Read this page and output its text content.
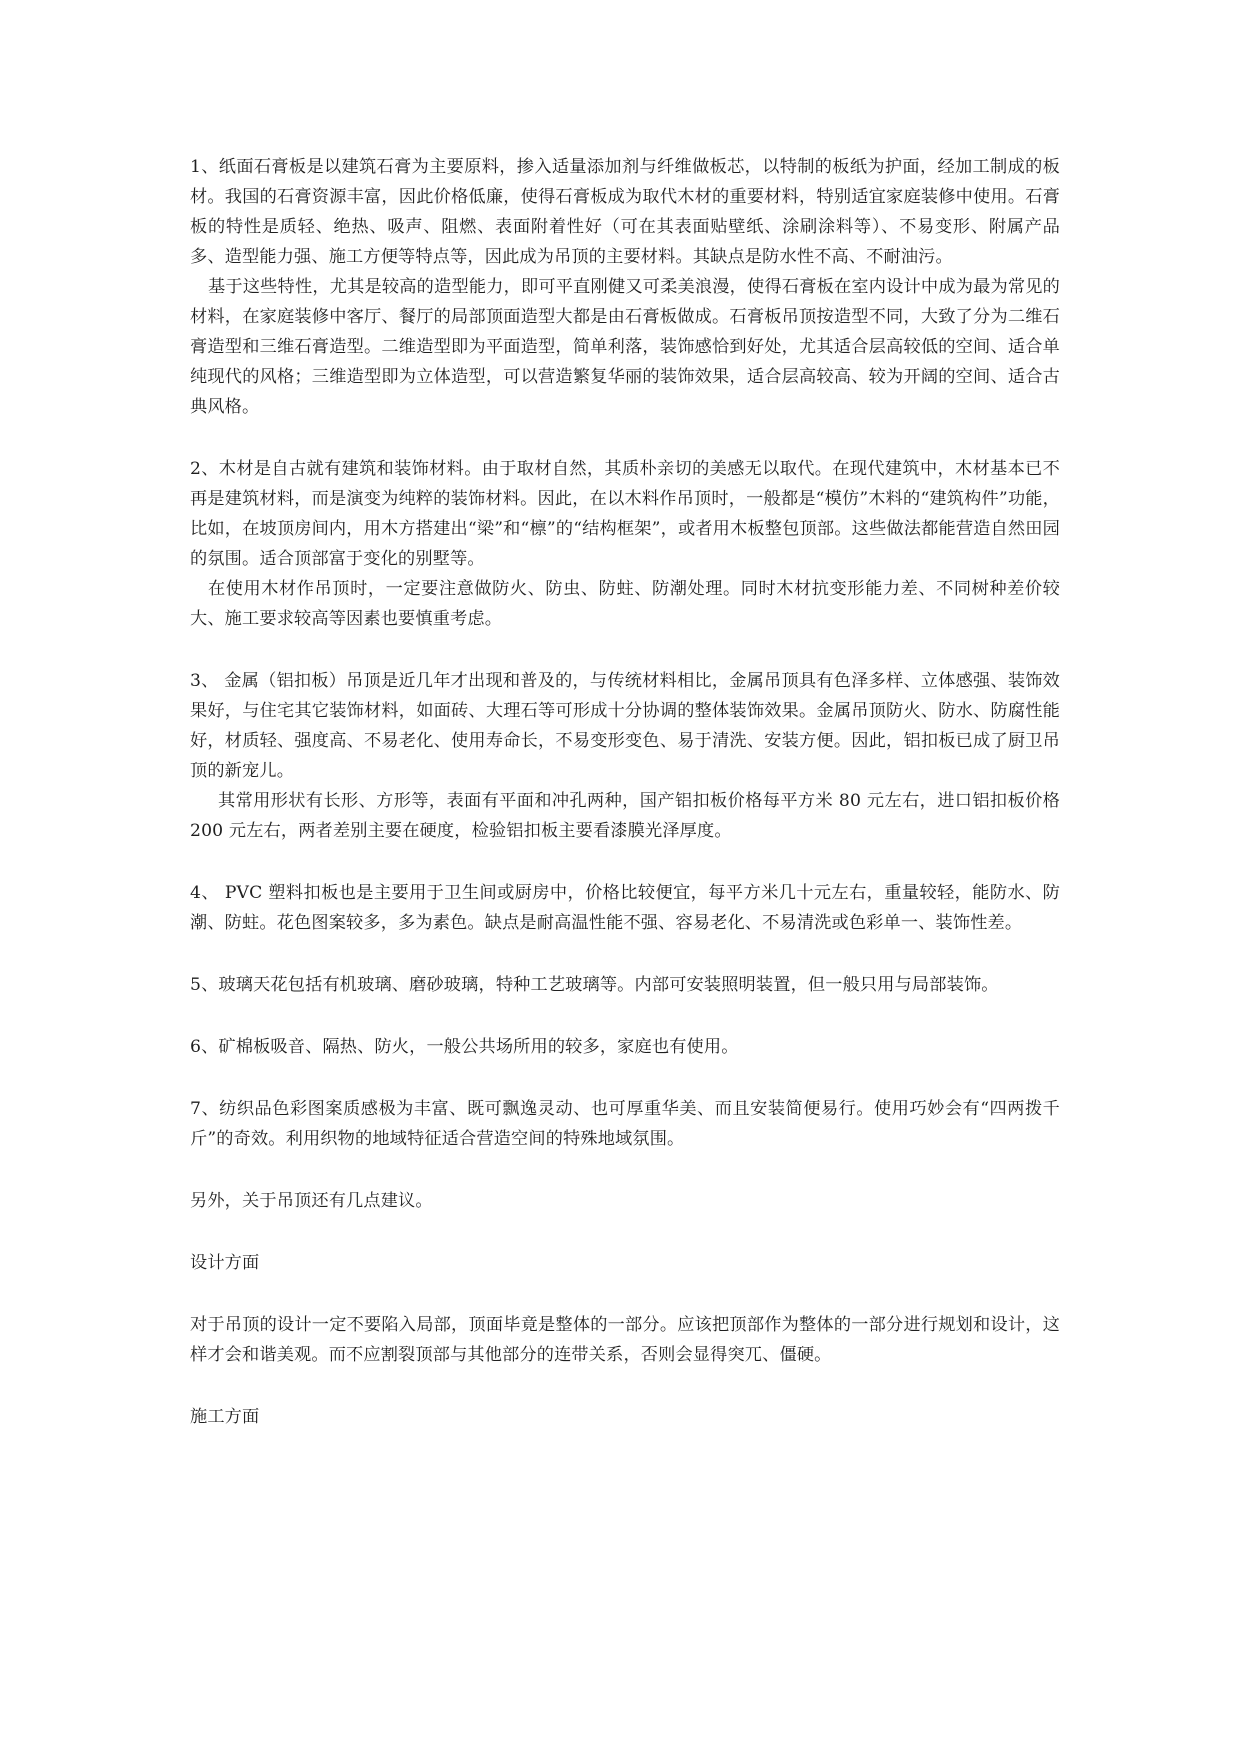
1、纸面石膏板是以建筑石膏为主要原料，掺入适量添加剂与纤维做板芯，以特制的板纸为护面，经加工制成的板材。我国的石膏资源丰富，因此价格低廉，使得石膏板成为取代木材的重要材料，特别适宜家庭装修中使用。石膏板的特性是质轻、绝热、吸声、阻燃、表面附着性好（可在其表面贴壁纸、涂刷涂料等）、不易变形、附属产品多、造型能力强、施工方便等特点等，因此成为吊顶的主要材料。其缺点是防水性不高、不耐油污。

基于这些特性，尤其是较高的造型能力，即可平直刚健又可柔美浪漫，使得石膏板在室内设计中成为最为常见的材料，在家庭装修中客厅、餐厅的局部顶面造型大都是由石膏板做成。石膏板吊顶按造型不同，大致了分为二维石膏造型和三维石膏造型。二维造型即为平面造型，简单利落，装饰感恰到好处，尤其适合层高较低的空间、适合单纯现代的风格；三维造型即为立体造型，可以营造繁复华丽的装饰效果，适合层高较高、较为开阔的空间、适合古典风格。

2、木材是自古就有建筑和装饰材料。由于取材自然，其质朴亲切的美感无以取代。在现代建筑中，木材基本已不再是建筑材料，而是演变为纯粹的装饰材料。因此，在以木料作吊顶时，一般都是“模仿”木料的“建筑构件”功能，比如，在坡顶房间内，用木方搭建出“梁”和“檩”的“结构框架”，或者用木板整包顶部。这些做法都能营造自然田园的氛围。适合顶部富于变化的别墅等。

在使用木材作吊顶时，一定要注意做防火、防虫、防蛀、防潮处理。同时木材抗变形能力差、不同树种差价较大、施工要求较高等因素也要慎重考虑。

3、 金属（铝扣板）吊顶是近几年才出现和普及的，与传统材料相比，金属吊顶具有色泽多样、立体感强、装饰效果好，与住宅其它装饰材料，如面砖、大理石等可形成十分协调的整体装饰效果。金属吊顶防火、防水、防腐性能好，材质轻、强度高、不易老化、使用寿命长，不易变形变色、易于清洗、安装方便。因此，铝扣板已成了厨卫吊顶的新宠儿。

其常用形状有长形、方形等，表面有平面和冲孔两种，国产铝扣板价格每平方米 80 元左右，进口铝扣板价格 200 元左右，两者差别主要在硬度，检验铝扣板主要看漆膜光泽厚度。

4、 PVC 塑料扣板也是主要用于卫生间或厨房中，价格比较便宜，每平方米几十元左右，重量较轻，能防水、防潮、防蛀。花色图案较多，多为素色。缺点是耐高温性能不强、容易老化、不易清洗或色彩单一、装饰性差。

5、玻璃天花包括有机玻璃、磨砂玻璃，特种工艺玻璃等。内部可安装照明装置，但一般只用与局部装饰。

6、矿棉板吸音、隔热、防火，一般公共场所用的较多，家庭也有使用。

7、纺织品色彩图案质感极为丰富、既可飘逸灵动、也可厚重华美、而且安装简便易行。使用巧妙会有“四两拨千斤”的奇效。利用织物的地域特征适合营造空间的特殊地域氛围。

另外，关于吊顶还有几点建议。

设计方面

对于吊顶的设计一定不要陷入局部，顶面毕竟是整体的一部分。应该把顶部作为整体的一部分进行规划和设计，这样才会和谐美观。而不应割裂顶部与其他部分的连带关系，否则会显得突兀、僵硬。

施工方面
